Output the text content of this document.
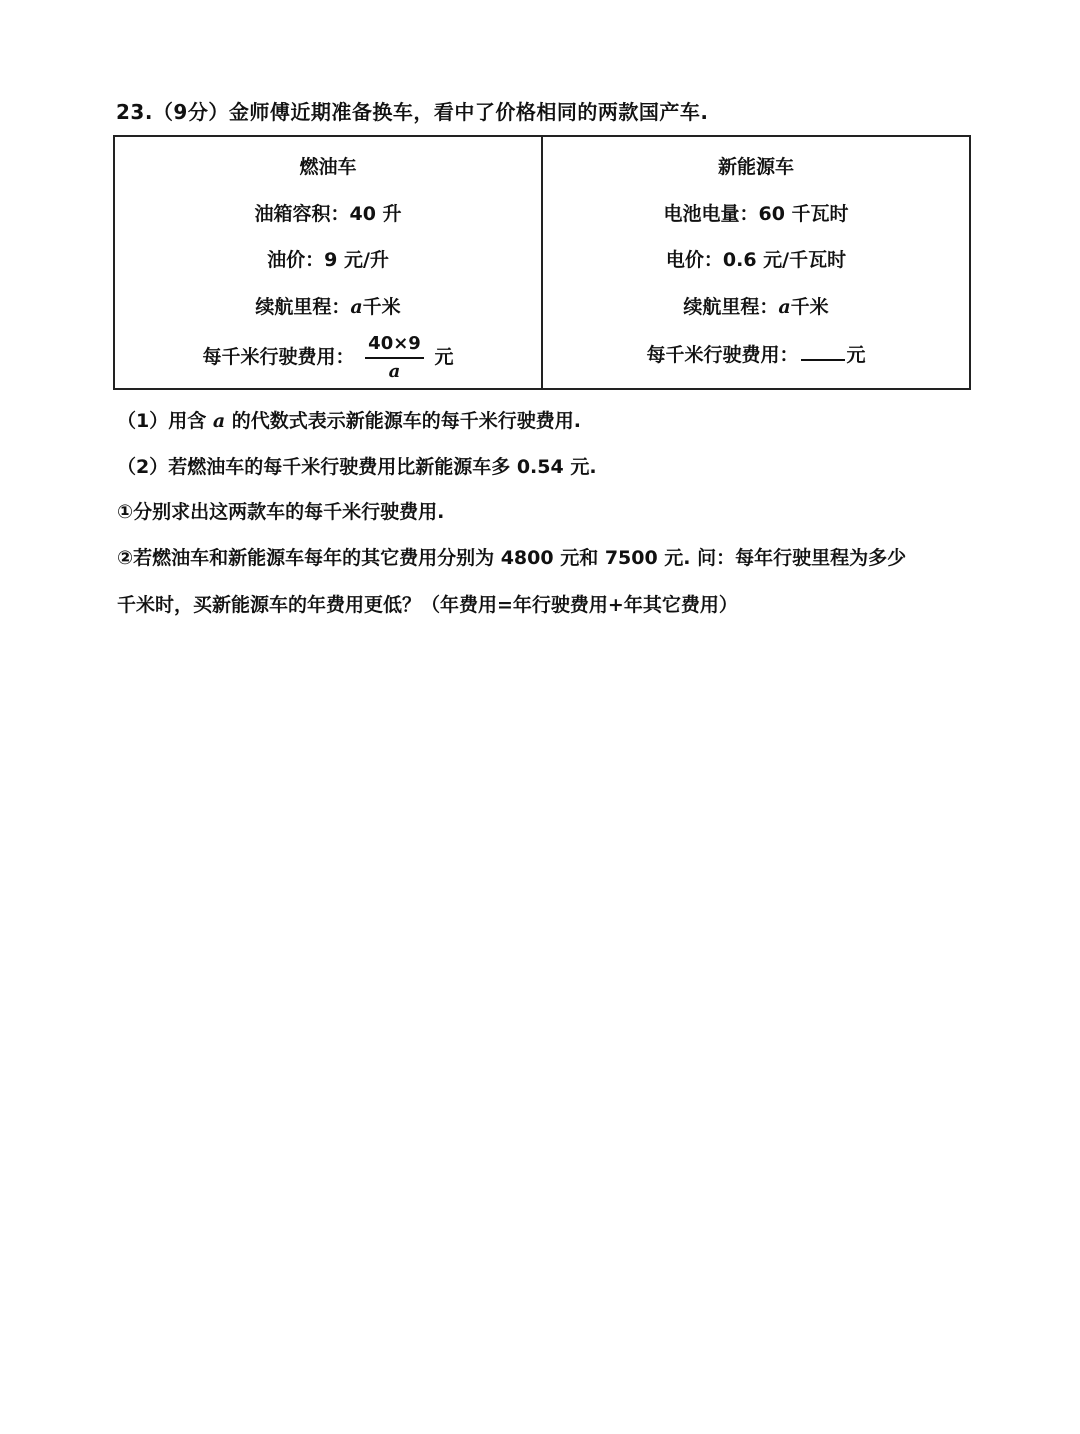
23.（9分）金师傅近期准备换车，看中了价格相同的两款国产车.
燃油车
油箱容积：40 升
油价：9 元/升
续航里程：a千米
每千米行驶费用： $\frac{40\times 9}{a}$ 元
新能源车
电池电量：60 千瓦时
电价：0.6 元/千瓦时
续航里程：a千米
每千米行驶费用：	元
（1）用含 a 的代数式表示新能源车的每千米行驶费用.
（2）若燃油车的每千米行驶费用比新能源车多 0.54 元.
①分别求出这两款车的每千米行驶费用.
②若燃油车和新能源车每年的其它费用分别为 4800 元和 7500 元. 问：每年行驶里程为多少
千米时，买新能源车的年费用更低？（年费用=年行驶费用+年其它费用）
